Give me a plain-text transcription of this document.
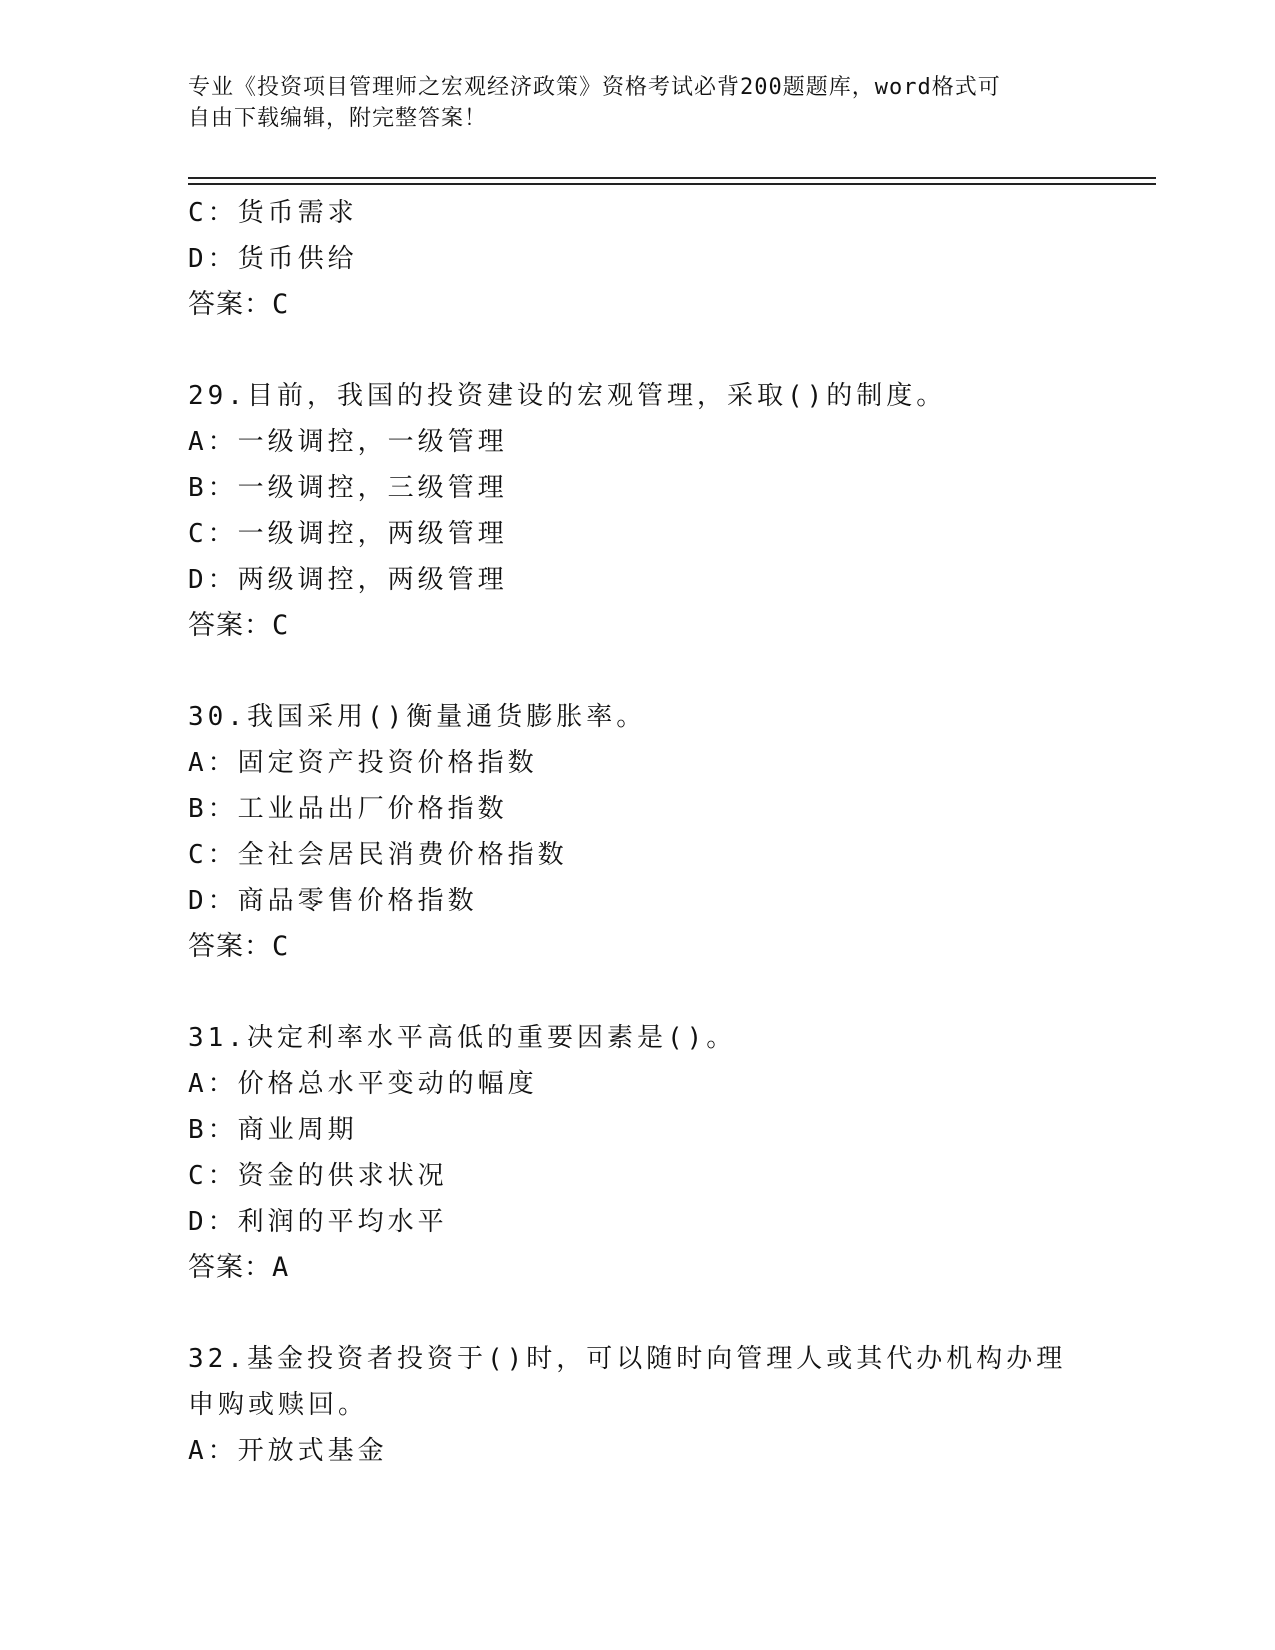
专业《投资项目管理师之宏观经济政策》资格考试必背200题题库，word格式可
自由下载编辑，附完整答案！
C：货币需求
D：货币供给
答案：C
29.目前，我国的投资建设的宏观管理，采取()的制度。
A：一级调控，一级管理
B：一级调控，三级管理
C：一级调控，两级管理
D：两级调控，两级管理
答案：C
30.我国采用()衡量通货膨胀率。
A：固定资产投资价格指数
B：工业品出厂价格指数
C：全社会居民消费价格指数
D：商品零售价格指数
答案：C
31.决定利率水平高低的重要因素是()。
A：价格总水平变动的幅度
B：商业周期
C：资金的供求状况
D：利润的平均水平
答案：A
32.基金投资者投资于()时，可以随时向管理人或其代办机构办理申购或赎回。
A：开放式基金
